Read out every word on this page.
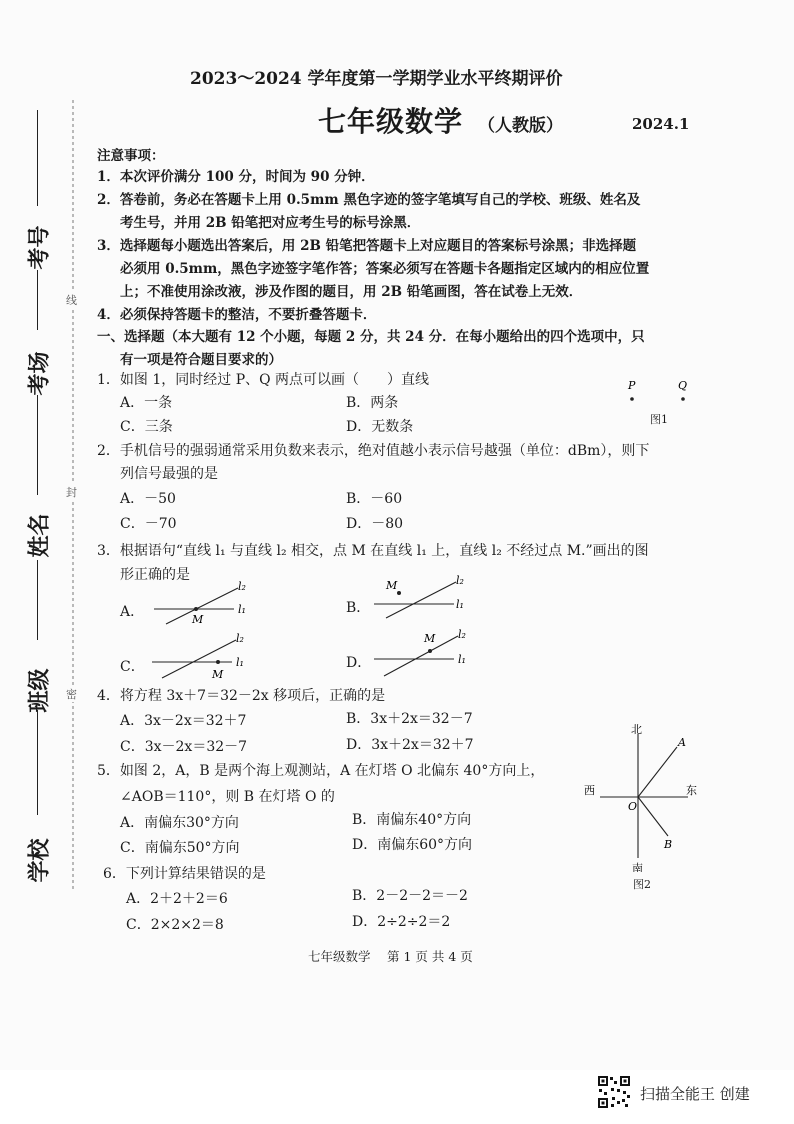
考号
考场
姓名
班级
学校
线
封
密
2023～2024 学年度第一学期学业水平终期评价
七年级数学 （人教版）	2024.1
注意事项：
1．本次评价满分 100 分，时间为 90 分钟．
2．答卷前，务必在答题卡上用 0.5mm 黑色字迹的签字笔填写自己的学校、班级、姓名及
考生号，并用 2B 铅笔把对应考生号的标号涂黑．
3．选择题每小题选出答案后，用 2B 铅笔把答题卡上对应题目的答案标号涂黑；非选择题
必须用 0.5mm，黑色字迹签字笔作答；答案必须写在答题卡各题指定区域内的相应位置
上；不准使用涂改液，涉及作图的题目，用 2B 铅笔画图，答在试卷上无效．
4．必须保持答题卡的整洁，不要折叠答题卡．
一、选择题（本大题有 12 个小题，每题 2 分，共 24 分．在每小题给出的四个选项中，只
有一项是符合题目要求的）
1．如图 1，同时经过 P、Q 两点可以画（　　）直线
A．一条	B．两条
C．三条	D．无数条
P	Q
图1
2．手机信号的强弱通常采用负数来表示，绝对值越小表示信号越强（单位：dBm），则下
列信号最强的是
A．－50	B．－60
C．－70	D．－80
3．根据语句“直线 l₁ 与直线 l₂ 相交，点 M 在直线 l₁ 上，直线 l₂ 不经过点 M.”画出的图
形正确的是
A．	M
l₂
l₁	B．
M	l₂
l₁
C．	M
l₂
l₁	D．
M l₂
l₁
4．将方程 3x＋7＝32－2x 移项后，正确的是
A．3x－2x＝32＋7	B．3x＋2x＝32－7
C．3x－2x＝32－7	D．3x＋2x＝32＋7
5．如图 2，A，B 是两个海上观测站，A 在灯塔 O 北偏东 40°方向上，
∠AOB＝110°，则 B 在灯塔 O 的
A．南偏东30°方向	B．南偏东40°方向
C．南偏东50°方向	D．南偏东60°方向
北
南
西	东
A
B
O
图2
6．下列计算结果错误的是
A．2＋2＋2＝6	B．2－2－2＝－2
C．2×2×2＝8	D．2÷2÷2＝2
七年级数学　 第 1 页 共 4 页
扫描全能王 创建
